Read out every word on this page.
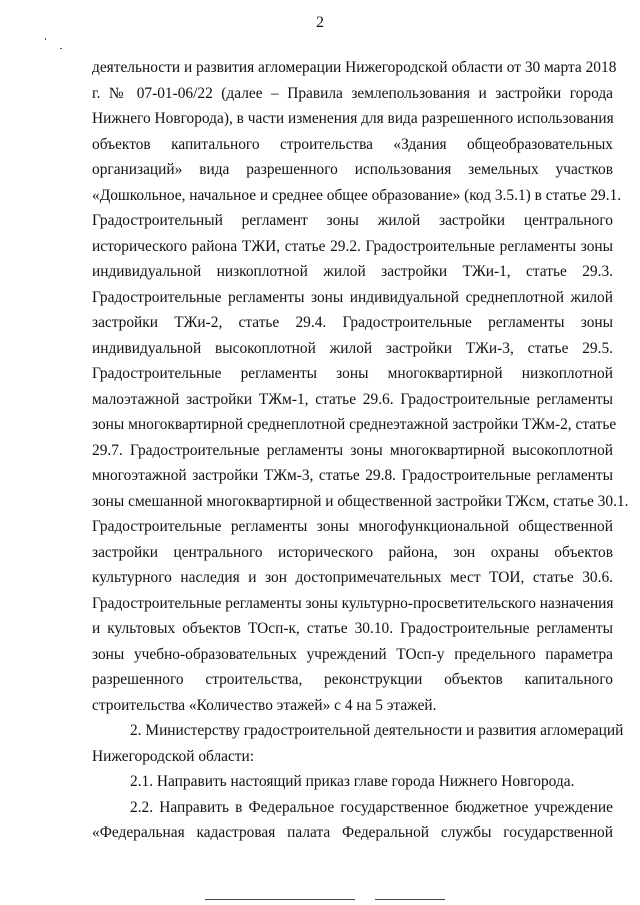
2
деятельности и развития агломерации Нижегородской области от 30 марта 2018
г. № 07-01-06/22 (далее – Правила землепользования и застройки города
Нижнего Новгорода), в части изменения для вида разрешенного использования
объектов капитального строительства «Здания общеобразовательных
организаций» вида разрешенного использования земельных участков
«Дошкольное, начальное и среднее общее образование» (код 3.5.1) в статье 29.1.
Градостроительный регламент зоны жилой застройки центрального
исторического района ТЖИ, статье 29.2. Градостроительные регламенты зоны
индивидуальной низкоплотной жилой застройки ТЖи-1, статье 29.3.
Градостроительные регламенты зоны индивидуальной среднеплотной жилой
застройки ТЖи-2, статье 29.4. Градостроительные регламенты зоны
индивидуальной высокоплотной жилой застройки ТЖи-3, статье 29.5.
Градостроительные регламенты зоны многоквартирной низкоплотной
малоэтажной застройки ТЖм-1, статье 29.6. Градостроительные регламенты
зоны многоквартирной среднеплотной среднеэтажной застройки ТЖм-2, статье
29.7. Градостроительные регламенты зоны многоквартирной высокоплотной
многоэтажной застройки ТЖм-3, статье 29.8. Градостроительные регламенты
зоны смешанной многоквартирной и общественной застройки ТЖсм, статье 30.1.
Градостроительные регламенты зоны многофункциональной общественной
застройки центрального исторического района, зон охраны объектов
культурного наследия и зон достопримечательных мест ТОИ, статье 30.6.
Градостроительные регламенты зоны культурно-просветительского назначения
и культовых объектов ТОсп-к, статье 30.10. Градостроительные регламенты
зоны учебно-образовательных учреждений ТОсп-у предельного параметра
разрешенного строительства, реконструкции объектов капитального
строительства «Количество этажей» с 4 на 5 этажей.
2. Министерству градостроительной деятельности и развития агломераций
Нижегородской области:
2.1. Направить настоящий приказ главе города Нижнего Новгорода.
2.2. Направить в Федеральное государственное бюджетное учреждение
«Федеральная кадастровая палата Федеральной службы государственной
